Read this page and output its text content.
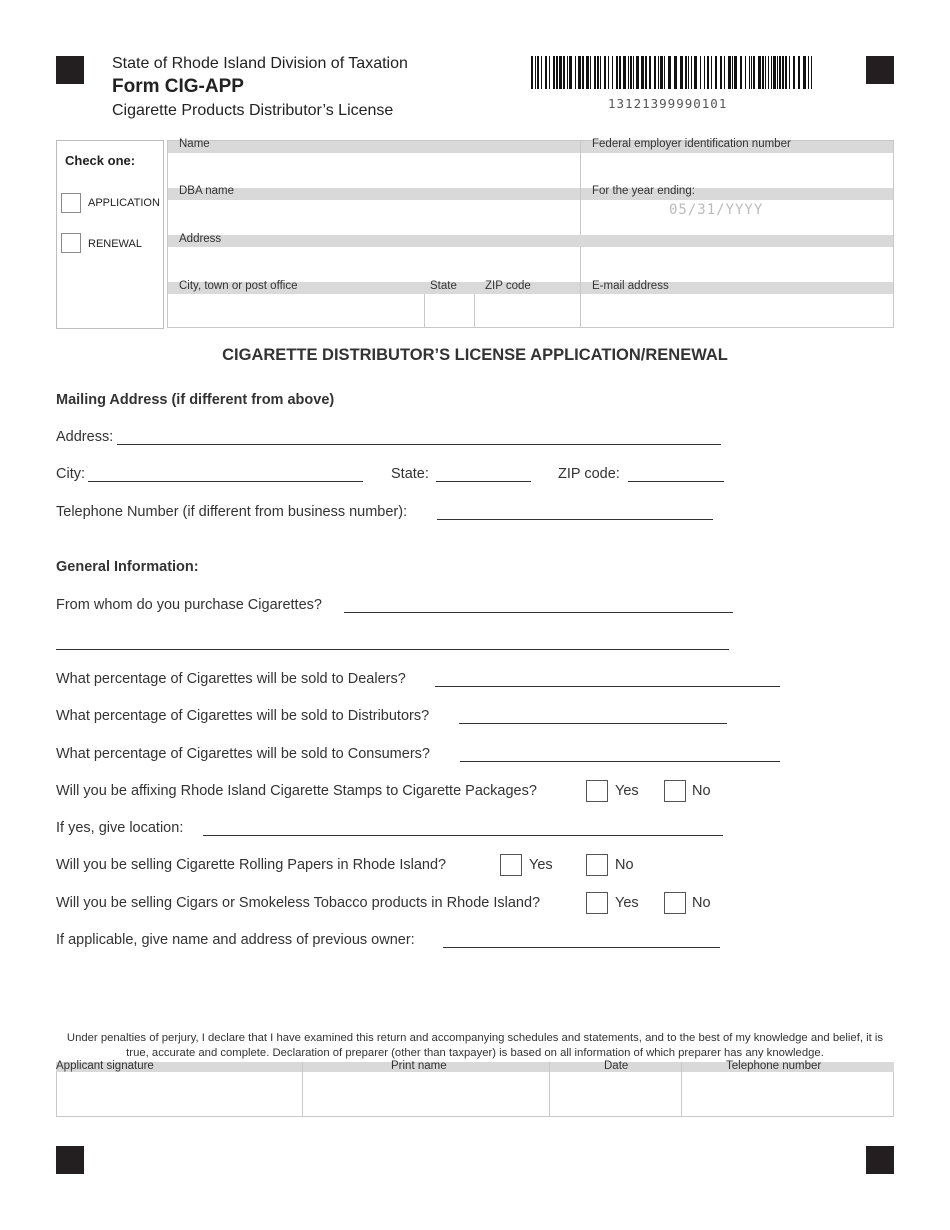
State of Rhode Island Division of Taxation
Form CIG-APP
Cigarette Products Distributor’s License	13121399990101
Check one:
APPLICATION
RENEWAL
Name	Federal employer identification number
DBA name	For the year ending:
Address
City, town or post office	State ZIP code	E-mail address
05/31/YYYY
CIGARETTE DISTRIBUTOR’S LICENSE APPLICATION/RENEWAL
Mailing Address (if different from above)
Address:
City:	State:	ZIP code:
Telephone Number (if different from business number):
General Information:
From whom do you purchase Cigarettes?
What percentage of Cigarettes will be sold to Dealers?
What percentage of Cigarettes will be sold to Distributors?
What percentage of Cigarettes will be sold to Consumers?
Will you be affixing Rhode Island Cigarette Stamps to Cigarette Packages?	Yes	No
If yes, give location:
Will you be selling Cigarette Rolling Papers in Rhode Island?	Yes	No
Will you be selling Cigars or Smokeless Tobacco products in Rhode Island?	Yes	No
If applicable, give name and address of previous owner:
Under penalties of perjury, I declare that I have examined this return and accompanying schedules and statements, and to the best of my knowledge and belief, it is true, accurate and complete. Declaration of preparer (other than taxpayer) is based on all information of which preparer has any knowledge.
Applicant signature	Print name	Date	Telephone number
